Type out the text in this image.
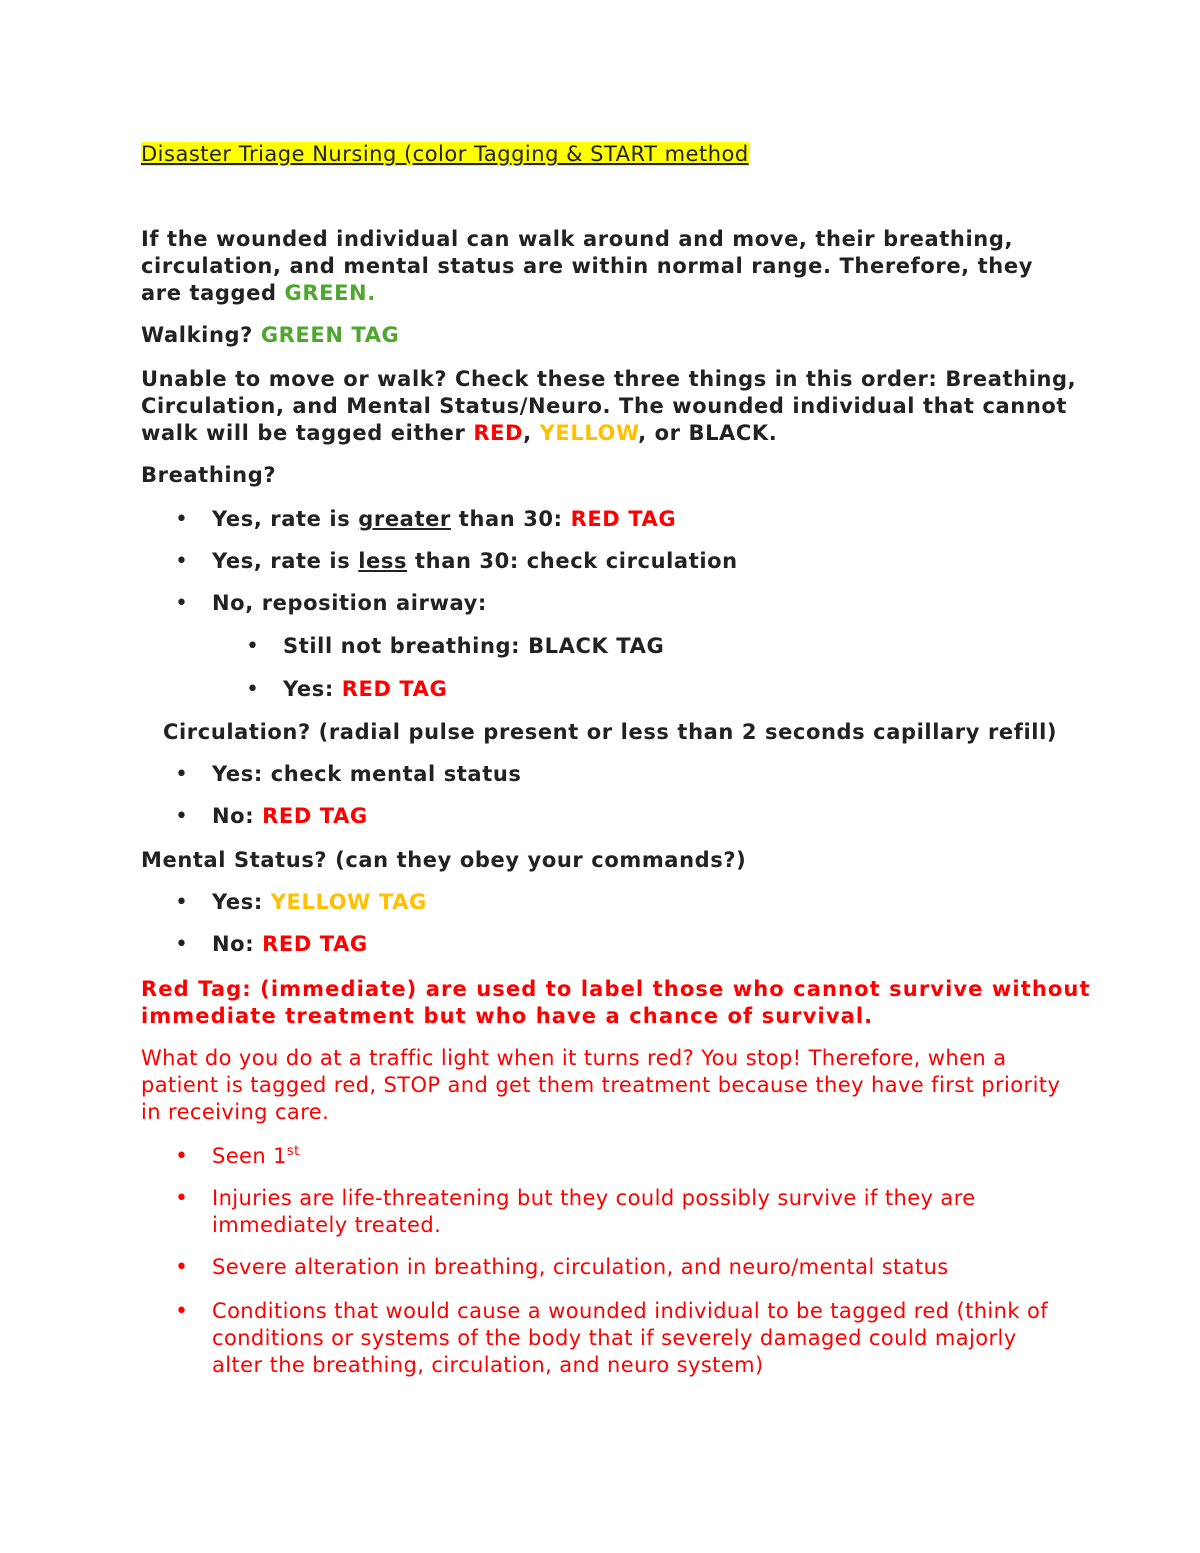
Disaster Triage Nursing (color Tagging & START method

If the wounded individual can walk around and move, their breathing,

circulation, and mental status are within normal range. Therefore, they

are tagged GREEN.

Walking? GREEN TAG

Unable to move or walk? Check these three things in this order: Breathing,

Circulation, and Mental Status/Neuro. The wounded individual that cannot

walk will be tagged either RED, YELLOW, or BLACK.

Breathing?

• Yes, rate is greater than 30: RED TAG

• Yes, rate is less than 30: check circulation

• No, reposition airway:

• Still not breathing: BLACK TAG

• Yes: RED TAG

Circulation? (radial pulse present or less than 2 seconds capillary refill)

• Yes: check mental status

• No: RED TAG

Mental Status? (can they obey your commands?)

• Yes: YELLOW TAG

• No: RED TAG

Red Tag: (immediate) are used to label those who cannot survive without

immediate treatment but who have a chance of survival.

What do you do at a traffic light when it turns red? You stop! Therefore, when a

patient is tagged red, STOP and get them treatment because they have first priority

in receiving care.

• Seen 1st

• Injuries are life-threatening but they could possibly survive if they are

immediately treated.

• Severe alteration in breathing, circulation, and neuro/mental status

• Conditions that would cause a wounded individual to be tagged red (think of

conditions or systems of the body that if severely damaged could majorly

alter the breathing, circulation, and neuro system)
